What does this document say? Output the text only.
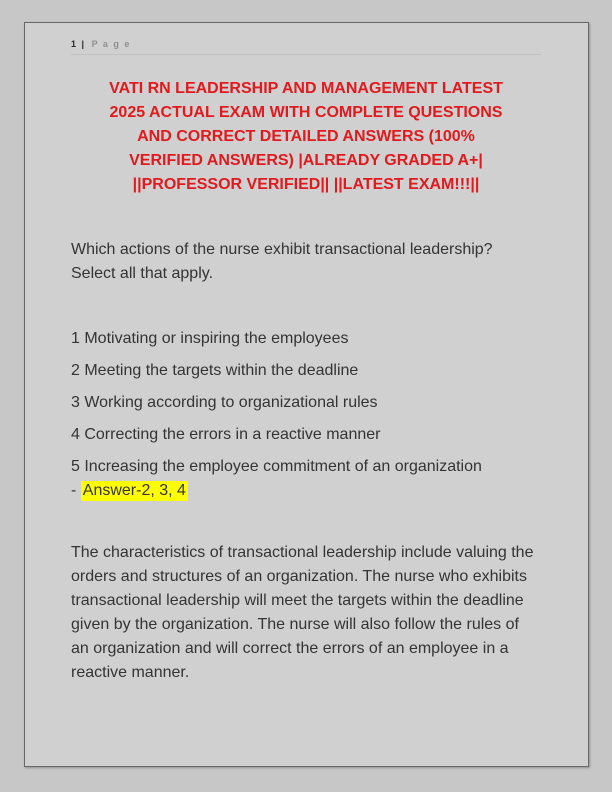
1 | P a g e
VATI RN LEADERSHIP AND MANAGEMENT LATEST
2025 ACTUAL EXAM WITH COMPLETE QUESTIONS
AND CORRECT DETAILED ANSWERS (100%
VERIFIED ANSWERS) |ALREADY GRADED A+|
||PROFESSOR VERIFIED|| ||LATEST EXAM!!!||

Which actions of the nurse exhibit transactional leadership? Select all that apply.

1 Motivating or inspiring the employees

2 Meeting the targets within the deadline

3 Working according to organizational rules

4 Correcting the errors in a reactive manner

5 Increasing the employee commitment of an organization
- Answer-2, 3, 4

The characteristics of transactional leadership include valuing the orders and structures of an organization. The nurse who exhibits transactional leadership will meet the targets within the deadline given by the organization. The nurse will also follow the rules of an organization and will correct the errors of an employee in a reactive manner.
